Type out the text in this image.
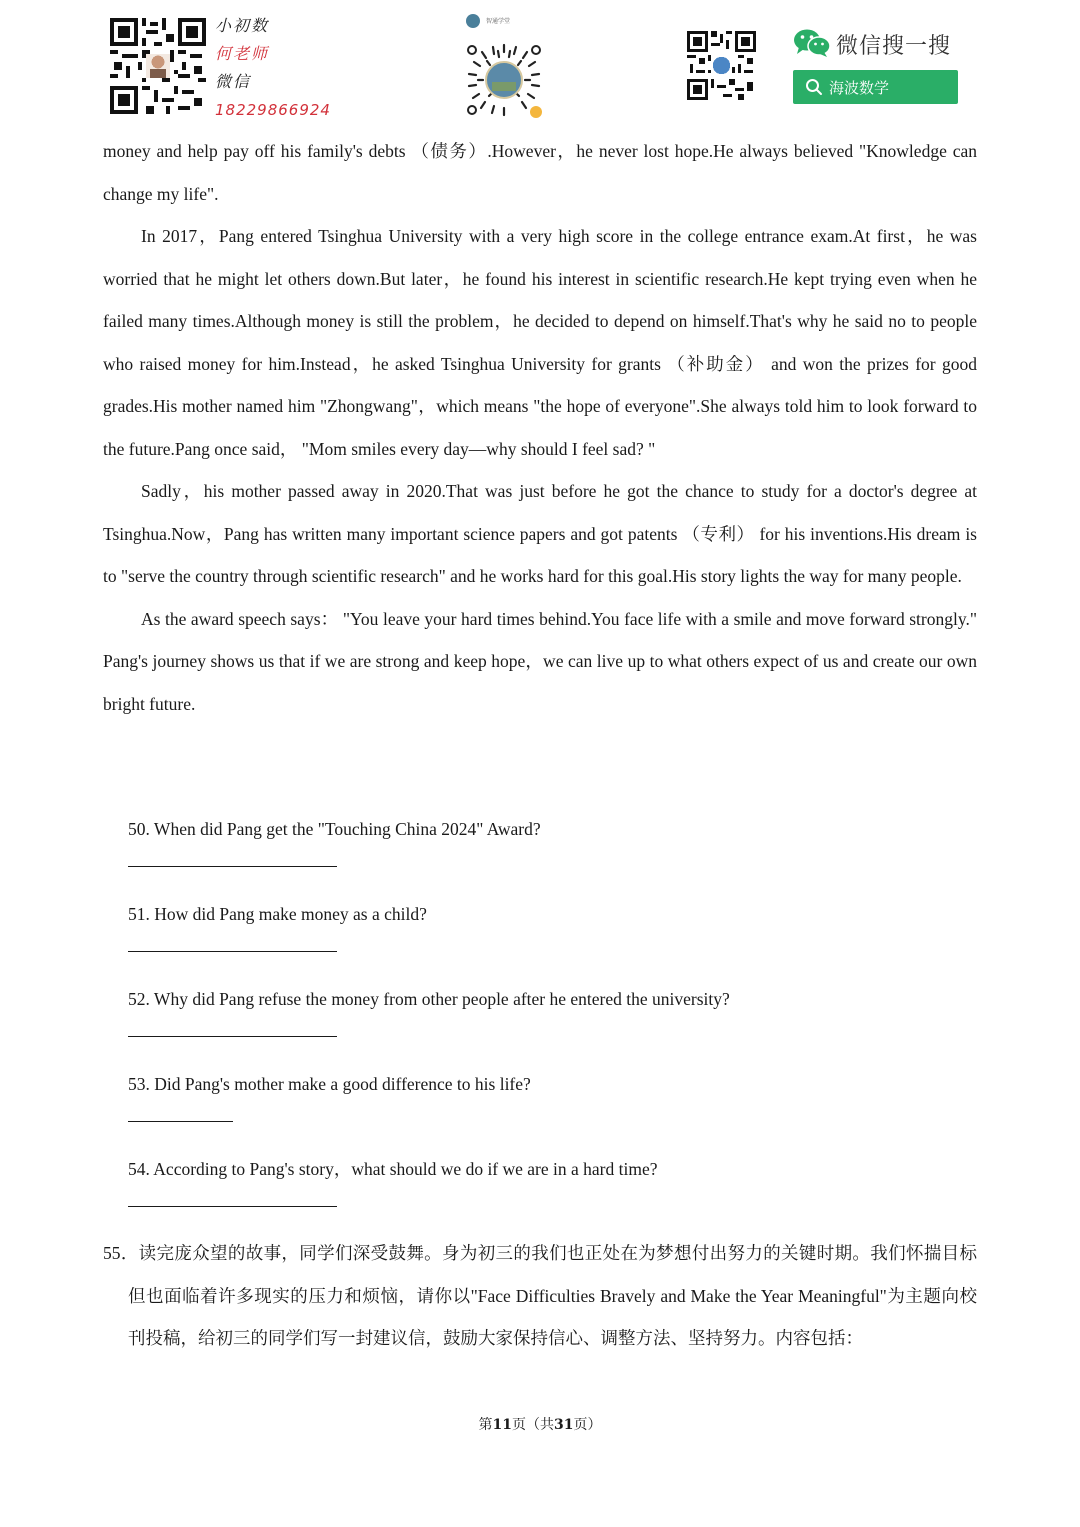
小初数
何老师
微信
18229866924
智通学堂
微信搜一搜
海波数学

money and help pay off his family's debts （债务）.However，he never lost hope.He always believed "Knowledge can change my life".

In 2017，Pang entered Tsinghua University with a very high score in the college entrance exam.At first，he was worried that he might let others down.But later，he found his interest in scientific research.He kept trying even when he failed many times.Although money is still the problem，he decided to depend on himself.That's why he said no to people who raised money for him.Instead，he asked Tsinghua University for grants （补助金） and won the prizes for good grades.His mother named him "Zhongwang"，which means "the hope of everyone".She always told him to look forward to the future.Pang once said， "Mom smiles every day—why should I feel sad? "

Sadly，his mother passed away in 2020.That was just before he got the chance to study for a doctor's degree at Tsinghua.Now，Pang has written many important science papers and got patents （专利） for his inventions.His dream is to "serve the country through scientific research" and he works hard for this goal.His story lights the way for many people.

As the award speech says： "You leave your hard times behind.You face life with a smile and move forward strongly." Pang's journey shows us that if we are strong and keep hope，we can live up to what others expect of us and create our own bright future.

50. When did Pang get the "Touching China 2024" Award?
51. How did Pang make money as a child?
52. Why did Pang refuse the money from other people after he entered the university?
53. Did Pang's mother make a good difference to his life?
54. According to Pang's story，what should we do if we are in a hard time?

55．读完庞众望的故事，同学们深受鼓舞。身为初三的我们也正处在为梦想付出努力的关键时期。我们怀揣目标但也面临着许多现实的压力和烦恼，请你以"Face Difficulties Bravely and Make the Year Meaningful"为主题向校刊投稿，给初三的同学们写一封建议信，鼓励大家保持信心、调整方法、坚持努力。内容包括：

第11页（共31页）
